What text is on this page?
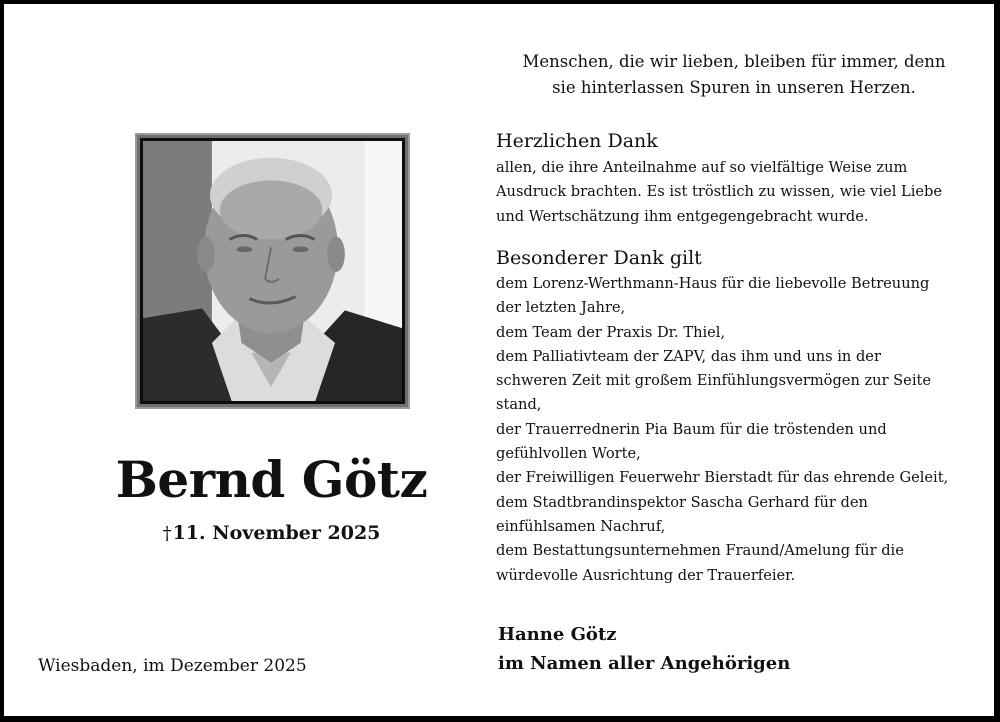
Bernd Götz
†11. November 2025
Wiesbaden, im Dezember 2025
Menschen, die wir lieben, bleiben für immer, denn
sie hinterlassen Spuren in unseren Herzen.
Herzlichen Dank
allen, die ihre Anteilnahme auf so vielfältige Weise zum
Ausdruck brachten. Es ist tröstlich zu wissen, wie viel Liebe
und Wertschätzung ihm entgegengebracht wurde.
Besonderer Dank gilt
dem Lorenz-Werthmann-Haus für die liebevolle Betreuung
der letzten Jahre,
dem Team der Praxis Dr. Thiel,
dem Palliativteam der ZAPV, das ihm und uns in der
schweren Zeit mit großem Einfühlungsvermögen zur Seite
stand,
der Trauerrednerin Pia Baum für die tröstenden und
gefühlvollen Worte,
der Freiwilligen Feuerwehr Bierstadt für das ehrende Geleit,
dem Stadtbrandinspektor Sascha Gerhard für den
einfühlsamen Nachruf,
dem Bestattungsunternehmen Fraund/Amelung für die
würdevolle Ausrichtung der Trauerfeier.
Hanne Götz
im Namen aller Angehörigen
